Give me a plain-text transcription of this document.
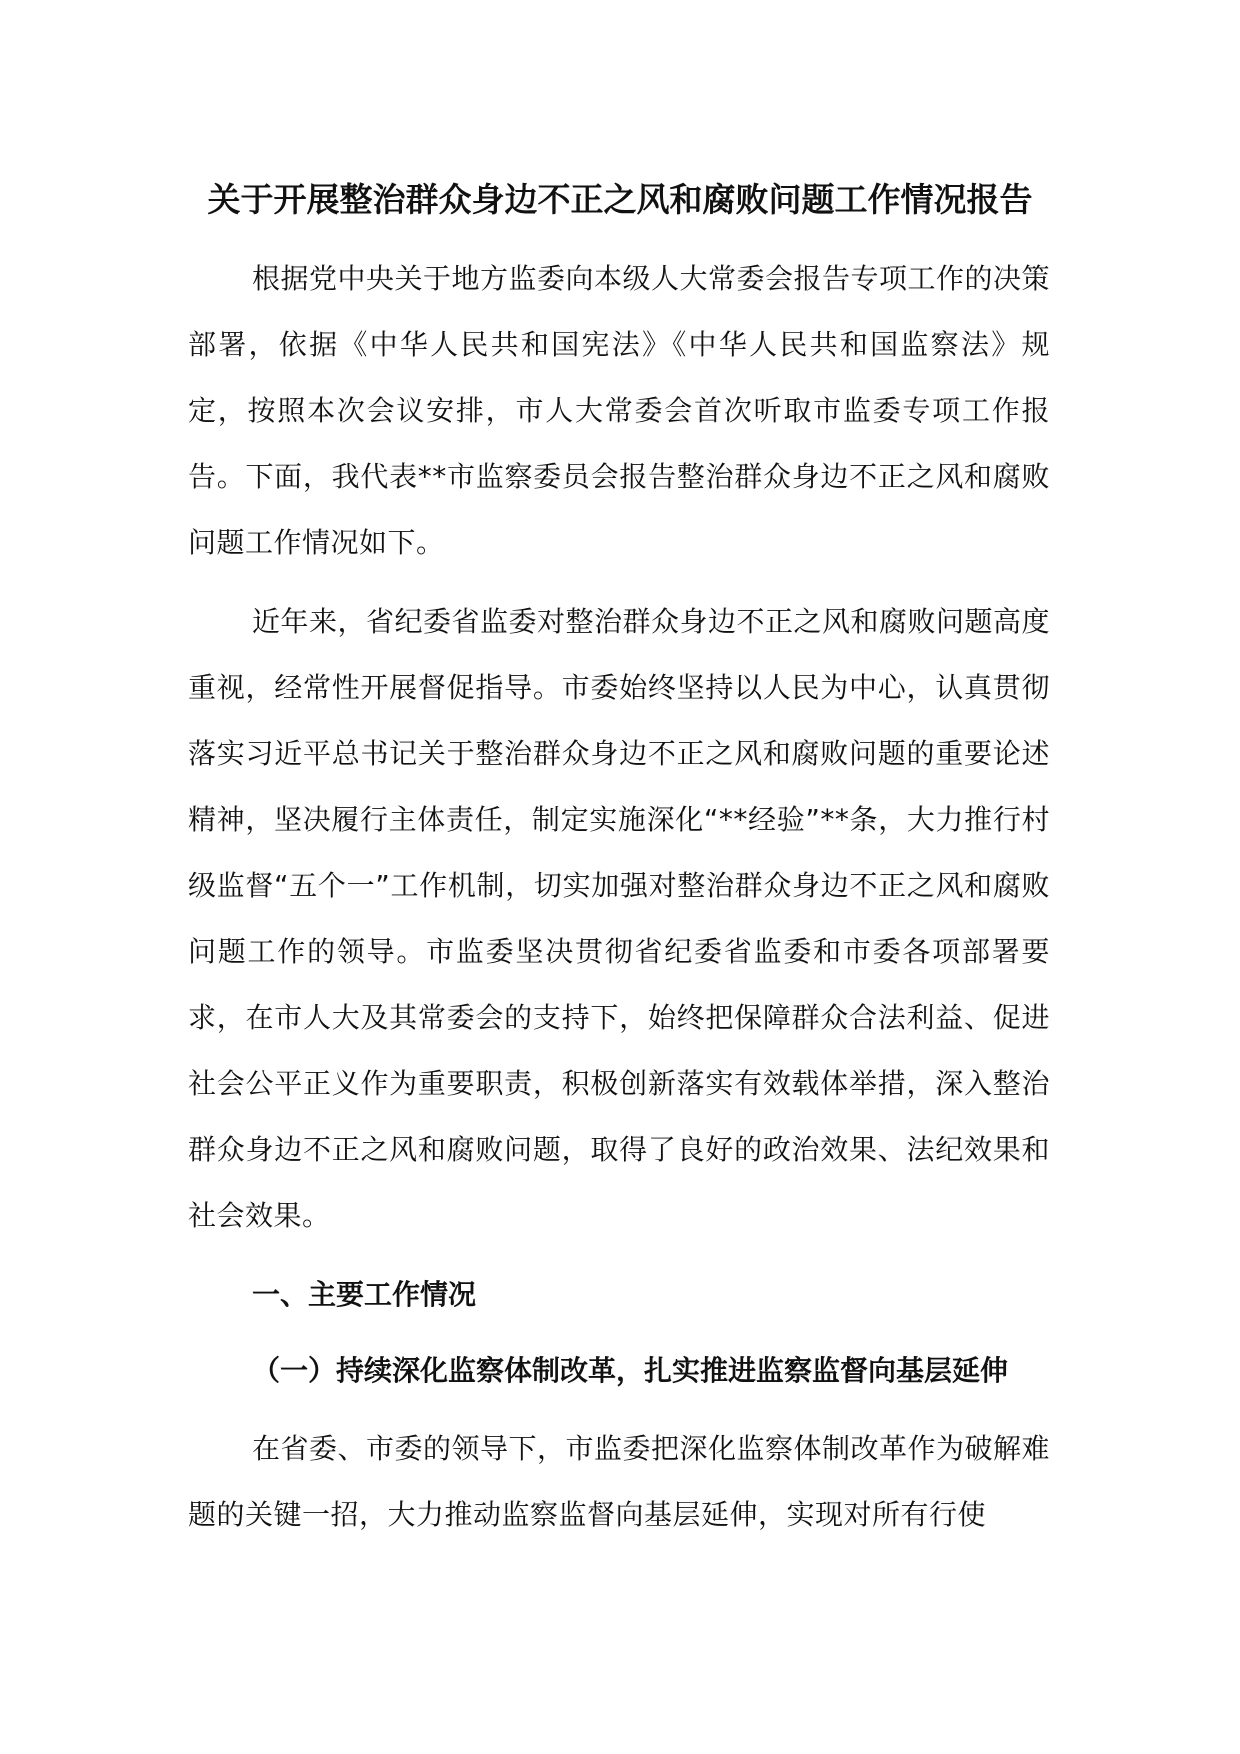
关于开展整治群众身边不正之风和腐败问题工作情况报告

根据党中央关于地方监委向本级人大常委会报告专项工作的决策部署，依据《中华人民共和国宪法》《中华人民共和国监察法》规定，按照本次会议安排，市人大常委会首次听取市监委专项工作报告。下面，我代表**市监察委员会报告整治群众身边不正之风和腐败问题工作情况如下。

近年来，省纪委省监委对整治群众身边不正之风和腐败问题高度重视，经常性开展督促指导。市委始终坚持以人民为中心，认真贯彻落实习近平总书记关于整治群众身边不正之风和腐败问题的重要论述精神，坚决履行主体责任，制定实施深化“**经验”**条，大力推行村级监督“五个一”工作机制，切实加强对整治群众身边不正之风和腐败问题工作的领导。市监委坚决贯彻省纪委省监委和市委各项部署要求，在市人大及其常委会的支持下，始终把保障群众合法利益、促进社会公平正义作为重要职责，积极创新落实有效载体举措，深入整治群众身边不正之风和腐败问题，取得了良好的政治效果、法纪效果和社会效果。

一、主要工作情况
（一）持续深化监察体制改革，扎实推进监察监督向基层延伸

在省委、市委的领导下，市监委把深化监察体制改革作为破解难题的关键一招，大力推动监察监督向基层延伸，实现对所有行使
